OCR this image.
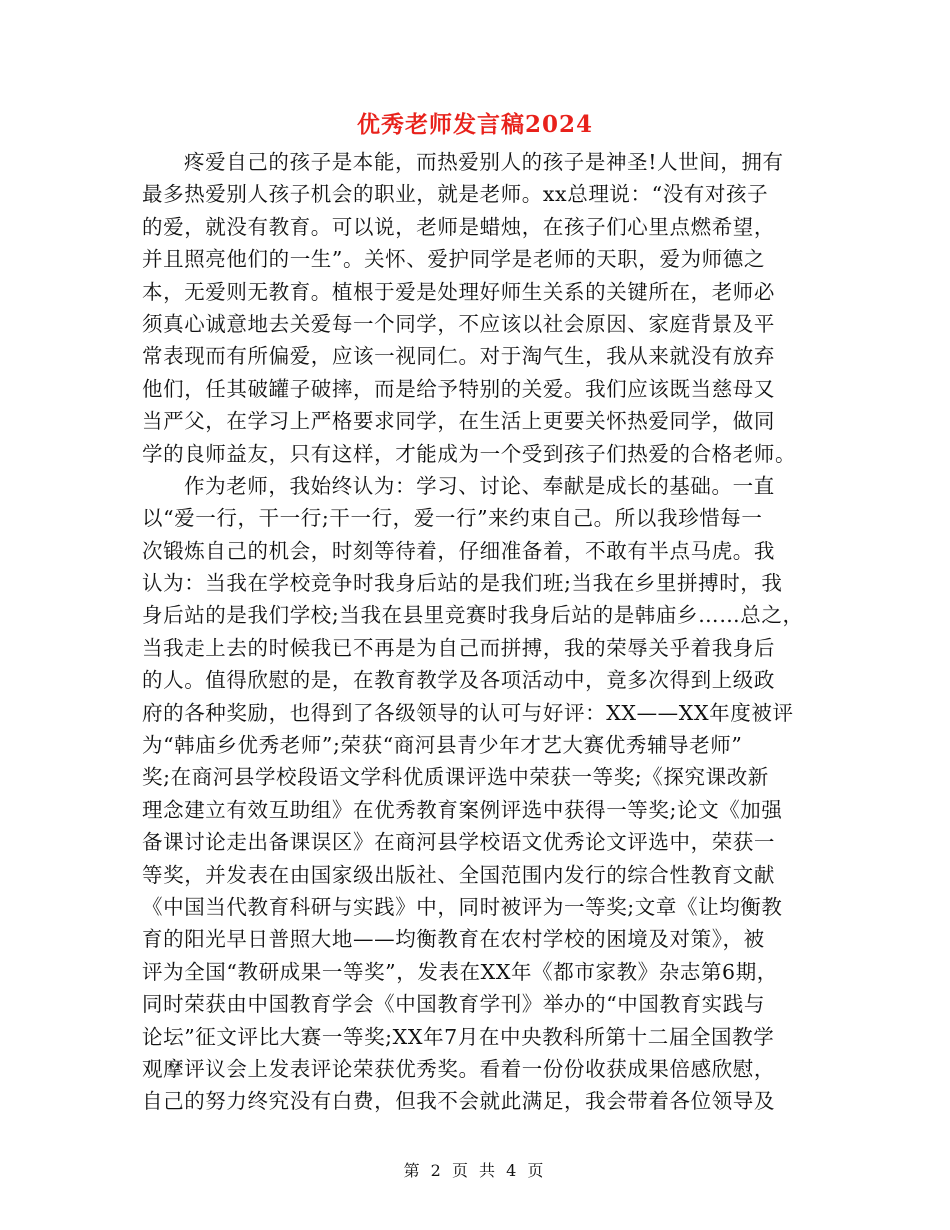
优秀老师发言稿2024
疼爱自己的孩子是本能，而热爱别人的孩子是神圣!人世间，拥有
最多热爱别人孩子机会的职业，就是老师。xx总理说：“没有对孩子
的爱，就没有教育。可以说，老师是蜡烛，在孩子们心里点燃希望，
并且照亮他们的一生”。关怀、爱护同学是老师的天职，爱为师德之
本，无爱则无教育。植根于爱是处理好师生关系的关键所在，老师必
须真心诚意地去关爱每一个同学，不应该以社会原因、家庭背景及平
常表现而有所偏爱，应该一视同仁。对于淘气生，我从来就没有放弃
他们，任其破罐子破摔，而是给予特别的关爱。我们应该既当慈母又
当严父，在学习上严格要求同学，在生活上更要关怀热爱同学，做同
学的良师益友，只有这样，才能成为一个受到孩子们热爱的合格老师。
作为老师，我始终认为：学习、讨论、奉献是成长的基础。一直
以“爱一行，干一行;干一行，爱一行”来约束自己。所以我珍惜每一
次锻炼自己的机会，时刻等待着，仔细准备着，不敢有半点马虎。我
认为：当我在学校竞争时我身后站的是我们班;当我在乡里拼搏时，我
身后站的是我们学校;当我在县里竞赛时我身后站的是韩庙乡……总之，
当我走上去的时候我已不再是为自己而拼搏，我的荣辱关乎着我身后
的人。值得欣慰的是，在教育教学及各项活动中，竟多次得到上级政
府的各种奖励，也得到了各级领导的认可与好评：XX——XX年度被评
为“韩庙乡优秀老师”;荣获“商河县青少年才艺大赛优秀辅导老师”
奖;在商河县学校段语文学科优质课评选中荣获一等奖;《探究课改新
理念建立有效互助组》在优秀教育案例评选中获得一等奖;论文《加强
备课讨论走出备课误区》在商河县学校语文优秀论文评选中，荣获一
等奖，并发表在由国家级出版社、全国范围内发行的综合性教育文献
《中国当代教育科研与实践》中，同时被评为一等奖;文章《让均衡教
育的阳光早日普照大地——均衡教育在农村学校的困境及对策》，被
评为全国“教研成果一等奖”，发表在XX年《都市家教》杂志第6期，
同时荣获由中国教育学会《中国教育学刊》举办的“中国教育实践与
论坛”征文评比大赛一等奖;XX年7月在中央教科所第十二届全国教学
观摩评议会上发表评论荣获优秀奖。看着一份份收获成果倍感欣慰，
自己的努力终究没有白费，但我不会就此满足，我会带着各位领导及
第 2 页 共 4 页
